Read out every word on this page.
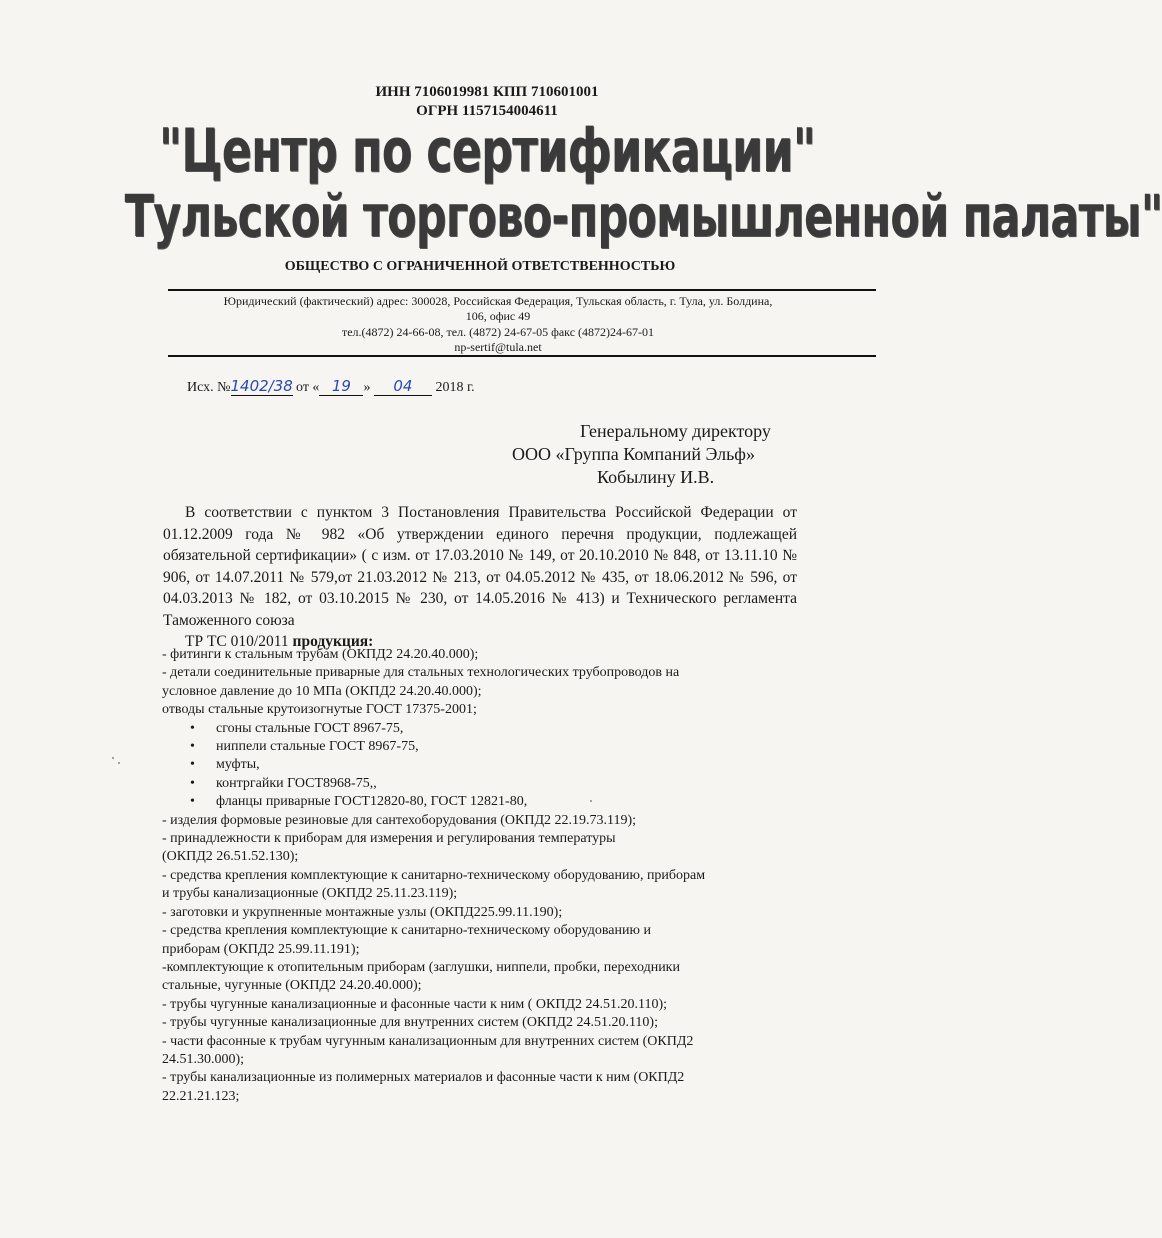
ИНН 7106019981 КПП 710601001
ОГРН 1157154004611
"Центр по сертификации"
Тульской торгово-промышленной палаты"
ОБЩЕСТВО С ОГРАНИЧЕННОЙ ОТВЕТСТВЕННОСТЬЮ
Юридический (фактический) адрес: 300028, Российская Федерация, Тульская область, г. Тула, ул. Болдина,
106, офис 49
тел.(4872) 24-66-08, тел. (4872) 24-67-05 факс (4872)24-67-01
np-sertif@tula.net
Исх. №1402/38 от « 19 » 04 2018 г.
Генеральному директору
ООО «Группа Компаний Эльф»
Кобылину И.В.

В соответствии с пунктом 3 Постановления Правительства Российской Федерации от 01.12.2009 года № 982 «Об утверждении единого перечня продукции, подлежащей обязательной сертификации» ( с изм. от 17.03.2010 № 149, от 20.10.2010 № 848, от 13.11.10 № 906, от 14.07.2011 № 579,от 21.03.2012 № 213, от 04.05.2012 № 435, от 18.06.2012 № 596, от 04.03.2013 № 182, от 03.10.2015 № 230, от 14.05.2016 № 413) и Технического регламента Таможенного союза

ТР ТС 010/2011 продукция:

- фитинги к стальным трубам (ОКПД2 24.20.40.000);
- детали соединительные приварные для стальных технологических трубопроводов на
условное давление до 10 МПа (ОКПД2 24.20.40.000);
отводы стальные крутоизогнутые ГОСТ 17375-2001;
• сгоны стальные ГОСТ 8967-75,
• ниппели стальные ГОСТ 8967-75,
• муфты,
• контргайки ГОСТ8968-75,,
• фланцы приварные ГОСТ12820-80, ГОСТ 12821-80,
- изделия формовые резиновые для сантехоборудования (ОКПД2 22.19.73.119);
- принадлежности к приборам для измерения и регулирования температуры
(ОКПД2 26.51.52.130);
- средства крепления комплектующие к санитарно-техническому оборудованию, приборам
и трубы канализационные (ОКПД2 25.11.23.119);
- заготовки и укрупненные монтажные узлы (ОКПД225.99.11.190);
- средства крепления комплектующие к санитарно-техническому оборудованию и
приборам (ОКПД2 25.99.11.191);
-комплектующие к отопительным приборам (заглушки, ниппели, пробки, переходники
стальные, чугунные (ОКПД2 24.20.40.000);
- трубы чугунные канализационные и фасонные части к ним ( ОКПД2 24.51.20.110);
- трубы чугунные канализационные для внутренних систем (ОКПД2 24.51.20.110);
- части фасонные к трубам чугунным канализационным для внутренних систем (ОКПД2
24.51.30.000);
- трубы канализационные из полимерных материалов и фасонные части к ним (ОКПД2
22.21.21.123;
